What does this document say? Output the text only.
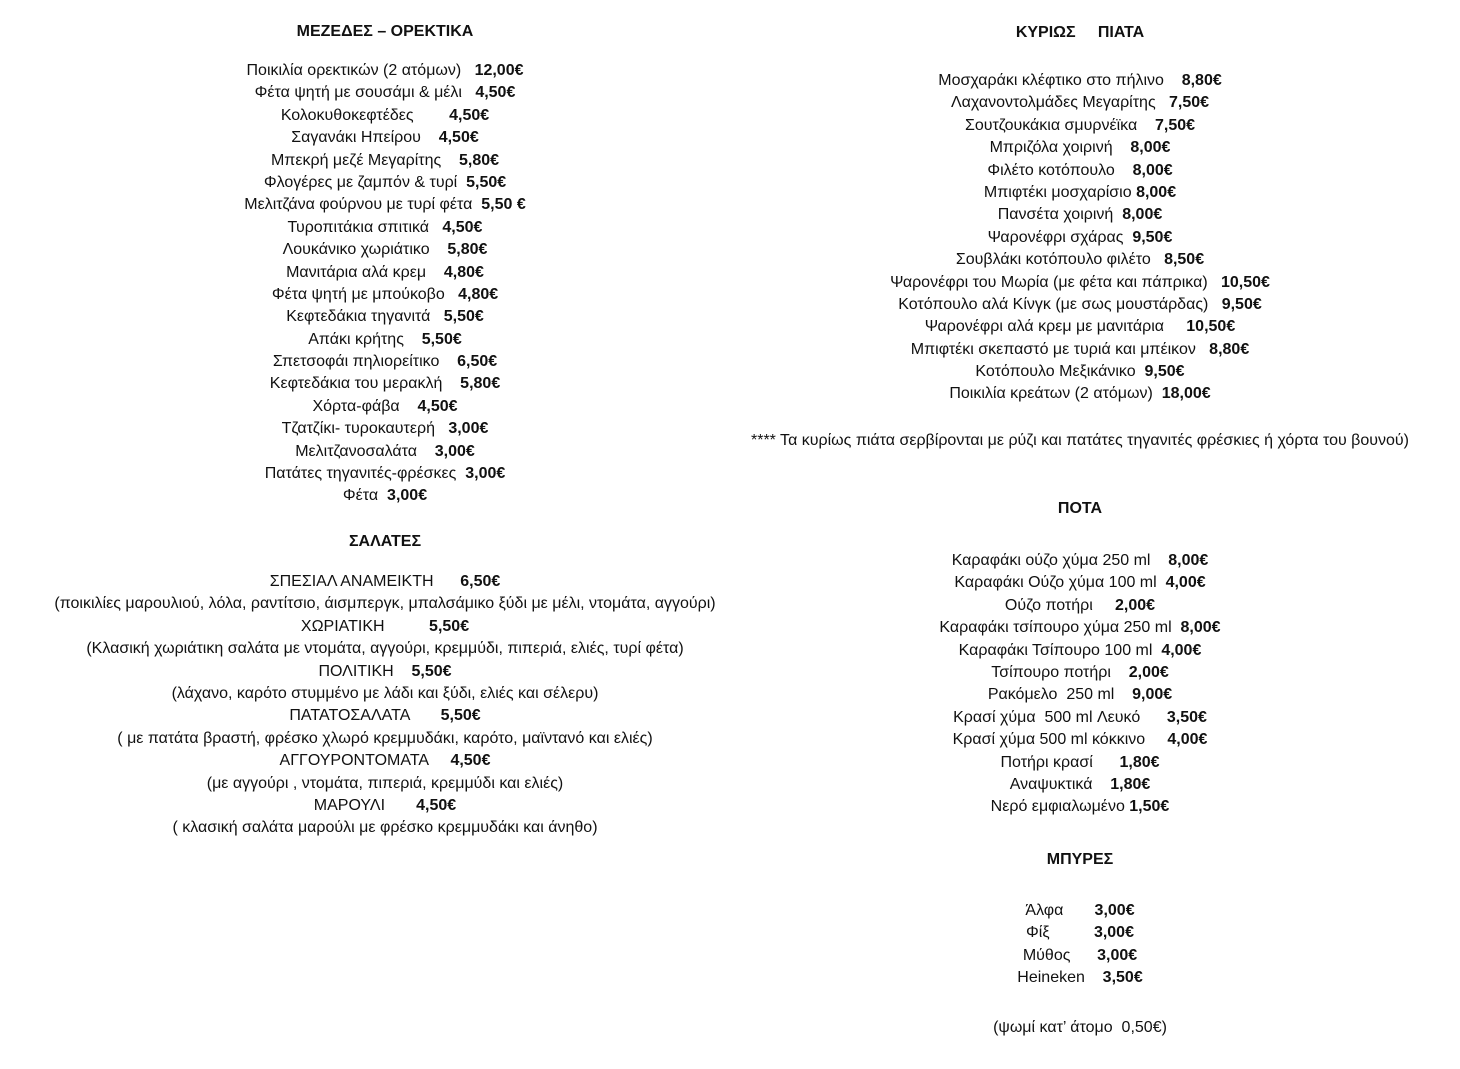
ΜΕΖΕΔΕΣ – ΟΡΕΚΤΙΚΑ
Ποικιλία ορεκτικών (2 ατόμων)   12,00€
Φέτα ψητή με σουσάμι & μέλι   4,50€
Κολοκυθοκεφτέδες        4,50€
Σαγανάκι Ηπείρου    4,50€
Μπεκρή μεζέ Μεγαρίτης    5,80€
Φλογέρες με ζαμπόν & τυρί  5,50€
Μελιτζάνα φούρνου με τυρί φέτα  5,50 €
Τυροπιτάκια σπιτικά   4,50€
Λουκάνικο χωριάτικο    5,80€
Μανιτάρια αλά κρεμ    4,80€
Φέτα ψητή με μπούκοβο   4,80€
Κεφτεδάκια τηγανιτά   5,50€
Απάκι κρήτης    5,50€
Σπετσοφάι πηλιορείτικο    6,50€
Κεφτεδάκια του μερακλή    5,80€
Χόρτα-φάβα    4,50€
Τζατζίκι- τυροκαυτερή   3,00€
Μελιτζανοσαλάτα    3,00€
Πατάτες τηγανιτές-φρέσκες  3,00€
Φέτα  3,00€
ΣΑΛΑΤΕΣ
ΣΠΕΣΙΑΛ ΑΝΑΜΕΙΚΤΗ      6,50€
(ποικιλίες μαρουλιού, λόλα, ραντίτσιο, άισμπεργκ, μπαλσάμικο ξύδι με μέλι, ντομάτα, αγγούρι)
ΧΩΡΙΑΤΙΚΗ          5,50€
(Κλασική χωριάτικη σαλάτα με ντομάτα, αγγούρι, κρεμμύδι, πιπεριά, ελιές, τυρί φέτα)
ΠΟΛΙΤΙΚΗ    5,50€
(λάχανο, καρότο στυμμένο με λάδι και ξύδι, ελιές και σέλερυ)
ΠΑΤΑΤΟΣΑΛΑΤΑ       5,50€
( με πατάτα βραστή, φρέσκο χλωρό κρεμμυδάκι, καρότο, μαϊντανό και ελιές)
ΑΓΓΟΥΡΟΝΤΟΜΑΤΑ     4,50€
(με αγγούρι , ντομάτα, πιπεριά, κρεμμύδι και ελιές)
ΜΑΡΟΥΛΙ       4,50€
( κλασική σαλάτα μαρούλι με φρέσκο κρεμμυδάκι και άνηθο)
ΚΥΡΙΩΣ     ΠΙΑΤΑ
Μοσχαράκι κλέφτικο στο πήλινο    8,80€
Λαχανοντολμάδες Μεγαρίτης   7,50€
Σουτζουκάκια σμυρνέϊκα    7,50€
Μπριζόλα χοιρινή    8,00€
Φιλέτο κοτόπουλο    8,00€
Μπιφτέκι μοσχαρίσιο 8,00€
Πανσέτα χοιρινή  8,00€
Ψαρονέφρι σχάρας  9,50€
Σουβλάκι κοτόπουλο φιλέτο   8,50€
Ψαρονέφρι του Μωρία (με φέτα και πάπρικα)   10,50€
Κοτόπουλο αλά Κίνγκ (με σως μουστάρδας)   9,50€
Ψαρονέφρι αλά κρεμ με μανιτάρια     10,50€
Μπιφτέκι σκεπαστό με τυριά και μπέικον   8,80€
Κοτόπουλο Μεξικάνικο  9,50€
Ποικιλία κρεάτων (2 ατόμων)  18,00€
**** Τα κυρίως πιάτα σερβίρονται με ρύζι και πατάτες τηγανιτές φρέσκιες ή χόρτα του βουνού)
ΠΟΤΑ
Καραφάκι ούζο χύμα 250 ml    8,00€
Καραφάκι Ούζο χύμα 100 ml  4,00€
Ούζο ποτήρι     2,00€
Καραφάκι τσίπουρο χύμα 250 ml  8,00€
Καραφάκι Τσίπουρο 100 ml  4,00€
Τσίπουρο ποτήρι    2,00€
Ρακόμελο  250 ml    9,00€
Κρασί χύμα  500 ml Λευκό      3,50€
Κρασί χύμα 500 ml κόκκινο     4,00€
Ποτήρι κρασί      1,80€
Αναψυκτικά    1,80€
Νερό εμφιαλωμένο 1,50€
ΜΠΥΡΕΣ
Άλφα       3,00€
Φίξ          3,00€
Μύθος      3,00€
Heineken    3,50€
(ψωμί κατ’ άτομο  0,50€)
